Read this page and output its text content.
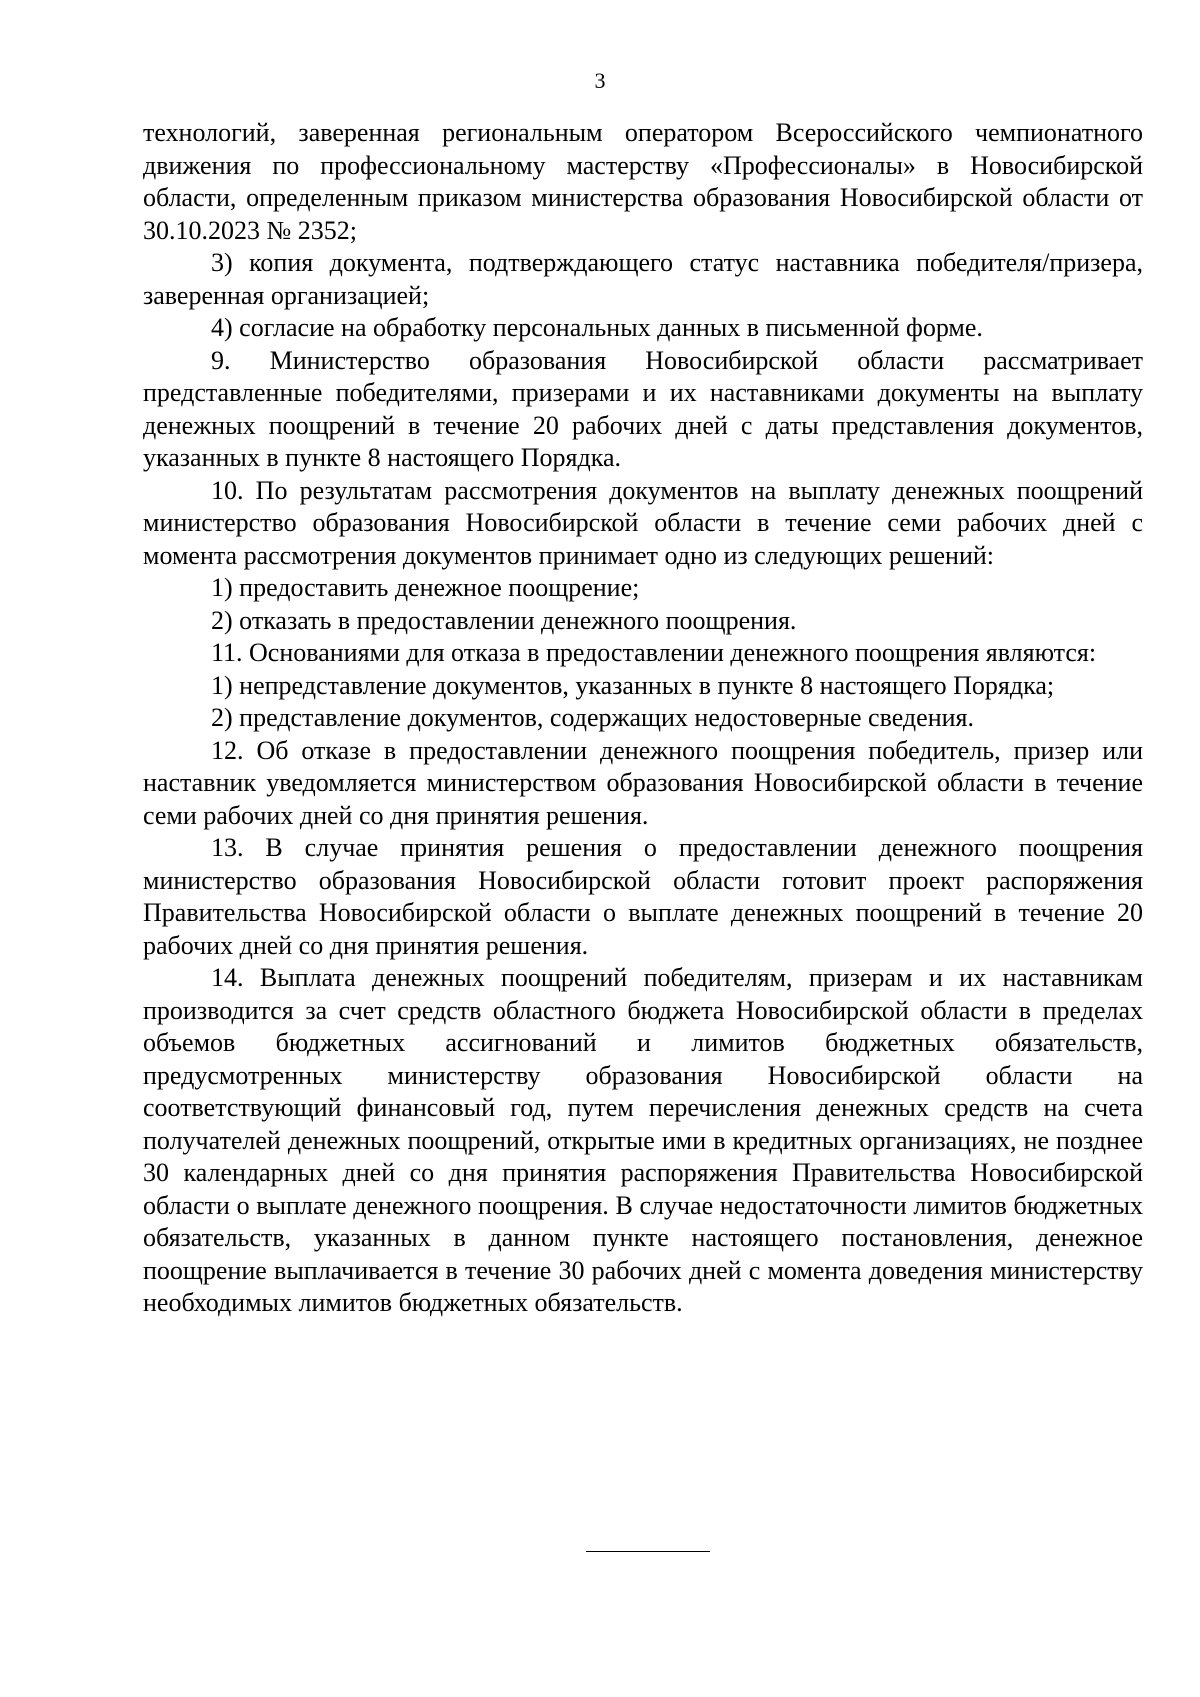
3

технологий, заверенная региональным оператором Всероссийского чемпионатного движения по профессиональному мастерству «Профессионалы» в Новосибирской области, определенным приказом министерства образования Новосибирской области от 30.10.2023 № 2352;

3) копия документа, подтверждающего статус наставника победителя/призера, заверенная организацией;

4) согласие на обработку персональных данных в письменной форме.

9. Министерство образования Новосибирской области рассматривает представленные победителями, призерами и их наставниками документы на выплату денежных поощрений в течение 20 рабочих дней с даты представления документов, указанных в пункте 8 настоящего Порядка.

10. По результатам рассмотрения документов на выплату денежных поощрений министерство образования Новосибирской области в течение семи рабочих дней с момента рассмотрения документов принимает одно из следующих решений:

1) предоставить денежное поощрение;

2) отказать в предоставлении денежного поощрения.

11. Основаниями для отказа в предоставлении денежного поощрения являются:

1) непредставление документов, указанных в пункте 8 настоящего Порядка;

2) представление документов, содержащих недостоверные сведения.

12. Об отказе в предоставлении денежного поощрения победитель, призер или наставник уведомляется министерством образования Новосибирской области в течение семи рабочих дней со дня принятия решения.

13. В случае принятия решения о предоставлении денежного поощрения министерство образования Новосибирской области готовит проект распоряжения Правительства Новосибирской области о выплате денежных поощрений в течение 20 рабочих дней со дня принятия решения.

14. Выплата денежных поощрений победителям, призерам и их наставникам производится за счет средств областного бюджета Новосибирской области в пределах объемов бюджетных ассигнований и лимитов бюджетных обязательств, предусмотренных министерству образования Новосибирской области на соответствующий финансовый год, путем перечисления денежных средств на счета получателей денежных поощрений, открытые ими в кредитных организациях, не позднее 30 календарных дней со дня принятия распоряжения Правительства Новосибирской области о выплате денежного поощрения. В случае недостаточности лимитов бюджетных обязательств, указанных в данном пункте настоящего постановления, денежное поощрение выплачивается в течение 30 рабочих дней с момента доведения министерству необходимых лимитов бюджетных обязательств.
